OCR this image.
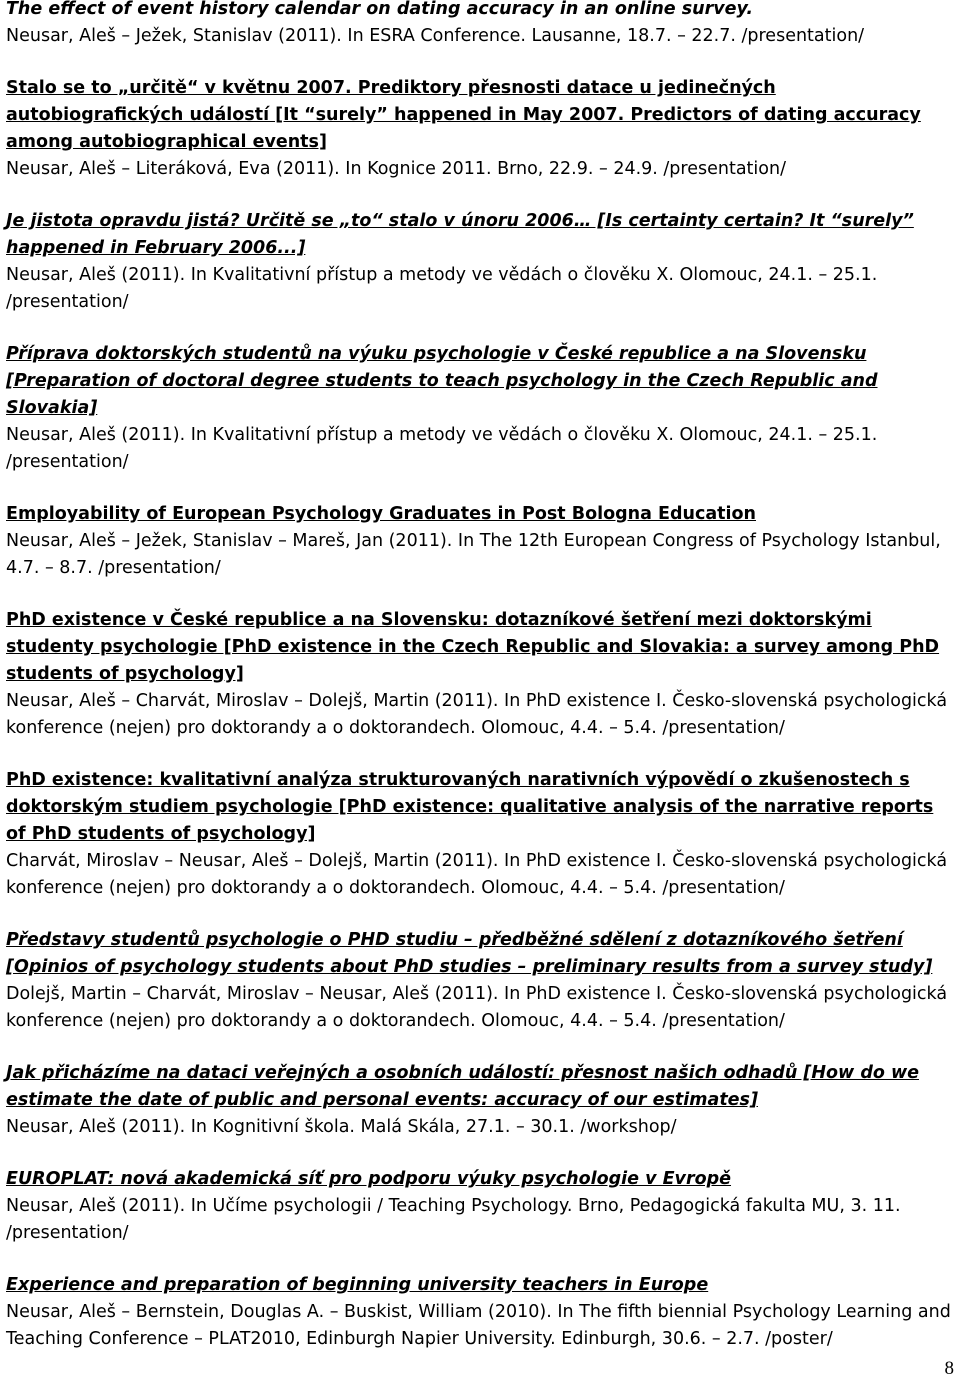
The effect of event history calendar on dating accuracy in an online survey.
Neusar, Aleš – Ježek, Stanislav (2011). In ESRA Conference. Lausanne, 18.7. – 22.7. /presentation/
Stalo se to „určitě“ v květnu 2007. Prediktory přesnosti datace u jedinečných autobiografických událostí [It “surely” happened in May 2007. Predictors of dating accuracy among autobiographical events]
Neusar, Aleš – Literáková, Eva (2011). In Kognice 2011. Brno, 22.9. – 24.9. /presentation/
Je jistota opravdu jistá? Určitě se „to“ stalo v únoru 2006… [Is certainty certain? It “surely” happened in February 2006...]
Neusar, Aleš (2011). In Kvalitativní přístup a metody ve vědách o člověku X. Olomouc, 24.1. – 25.1. /presentation/
Příprava doktorských studentů na výuku psychologie v České republice a na Slovensku [Preparation of doctoral degree students to teach psychology in the Czech Republic and Slovakia]
Neusar, Aleš (2011). In Kvalitativní přístup a metody ve vědách o člověku X. Olomouc, 24.1. – 25.1. /presentation/
Employability of European Psychology Graduates in Post Bologna Education
Neusar, Aleš – Ježek, Stanislav – Mareš, Jan (2011). In The 12th European Congress of Psychology Istanbul, 4.7. – 8.7. /presentation/
PhD existence v České republice a na Slovensku: dotazníkové šetření mezi doktorskými studenty psychologie [PhD existence in the Czech Republic and Slovakia: a survey among PhD students of psychology]
Neusar, Aleš – Charvát, Miroslav – Dolejš, Martin (2011). In PhD existence I. Česko-slovenská psychologická konference (nejen) pro doktorandy a o doktorandech. Olomouc, 4.4. – 5.4. /presentation/
PhD existence: kvalitativní analýza strukturovaných narativních výpovědí o zkušenostech s doktorským studiem psychologie [PhD existence: qualitative analysis of the narrative reports of PhD students of psychology]
Charvát, Miroslav – Neusar, Aleš – Dolejš, Martin (2011). In PhD existence I. Česko-slovenská psychologická konference (nejen) pro doktorandy a o doktorandech. Olomouc, 4.4. – 5.4. /presentation/
Představy studentů psychologie o PHD studiu – předběžné sdělení z dotazníkového šetření [Opinios of psychology students about PhD studies – preliminary results from a survey study]
Dolejš, Martin – Charvát, Miroslav – Neusar, Aleš (2011). In PhD existence I. Česko-slovenská psychologická konference (nejen) pro doktorandy a o doktorandech. Olomouc, 4.4. – 5.4. /presentation/
Jak přicházíme na dataci veřejných a osobních událostí: přesnost našich odhadů [How do we estimate the date of public and personal events: accuracy of our estimates]
Neusar, Aleš (2011). In Kognitivní škola. Malá Skála, 27.1. – 30.1. /workshop/
EUROPLAT: nová akademická síť pro podporu výuky psychologie v Evropě
Neusar, Aleš (2011). In Učíme psychologii / Teaching Psychology. Brno, Pedagogická fakulta MU, 3. 11. /presentation/
Experience and preparation of beginning university teachers in Europe
Neusar, Aleš – Bernstein, Douglas A. – Buskist, William (2010). In The fifth biennial Psychology Learning and Teaching Conference – PLAT2010, Edinburgh Napier University. Edinburgh, 30.6. – 2.7. /poster/
8
